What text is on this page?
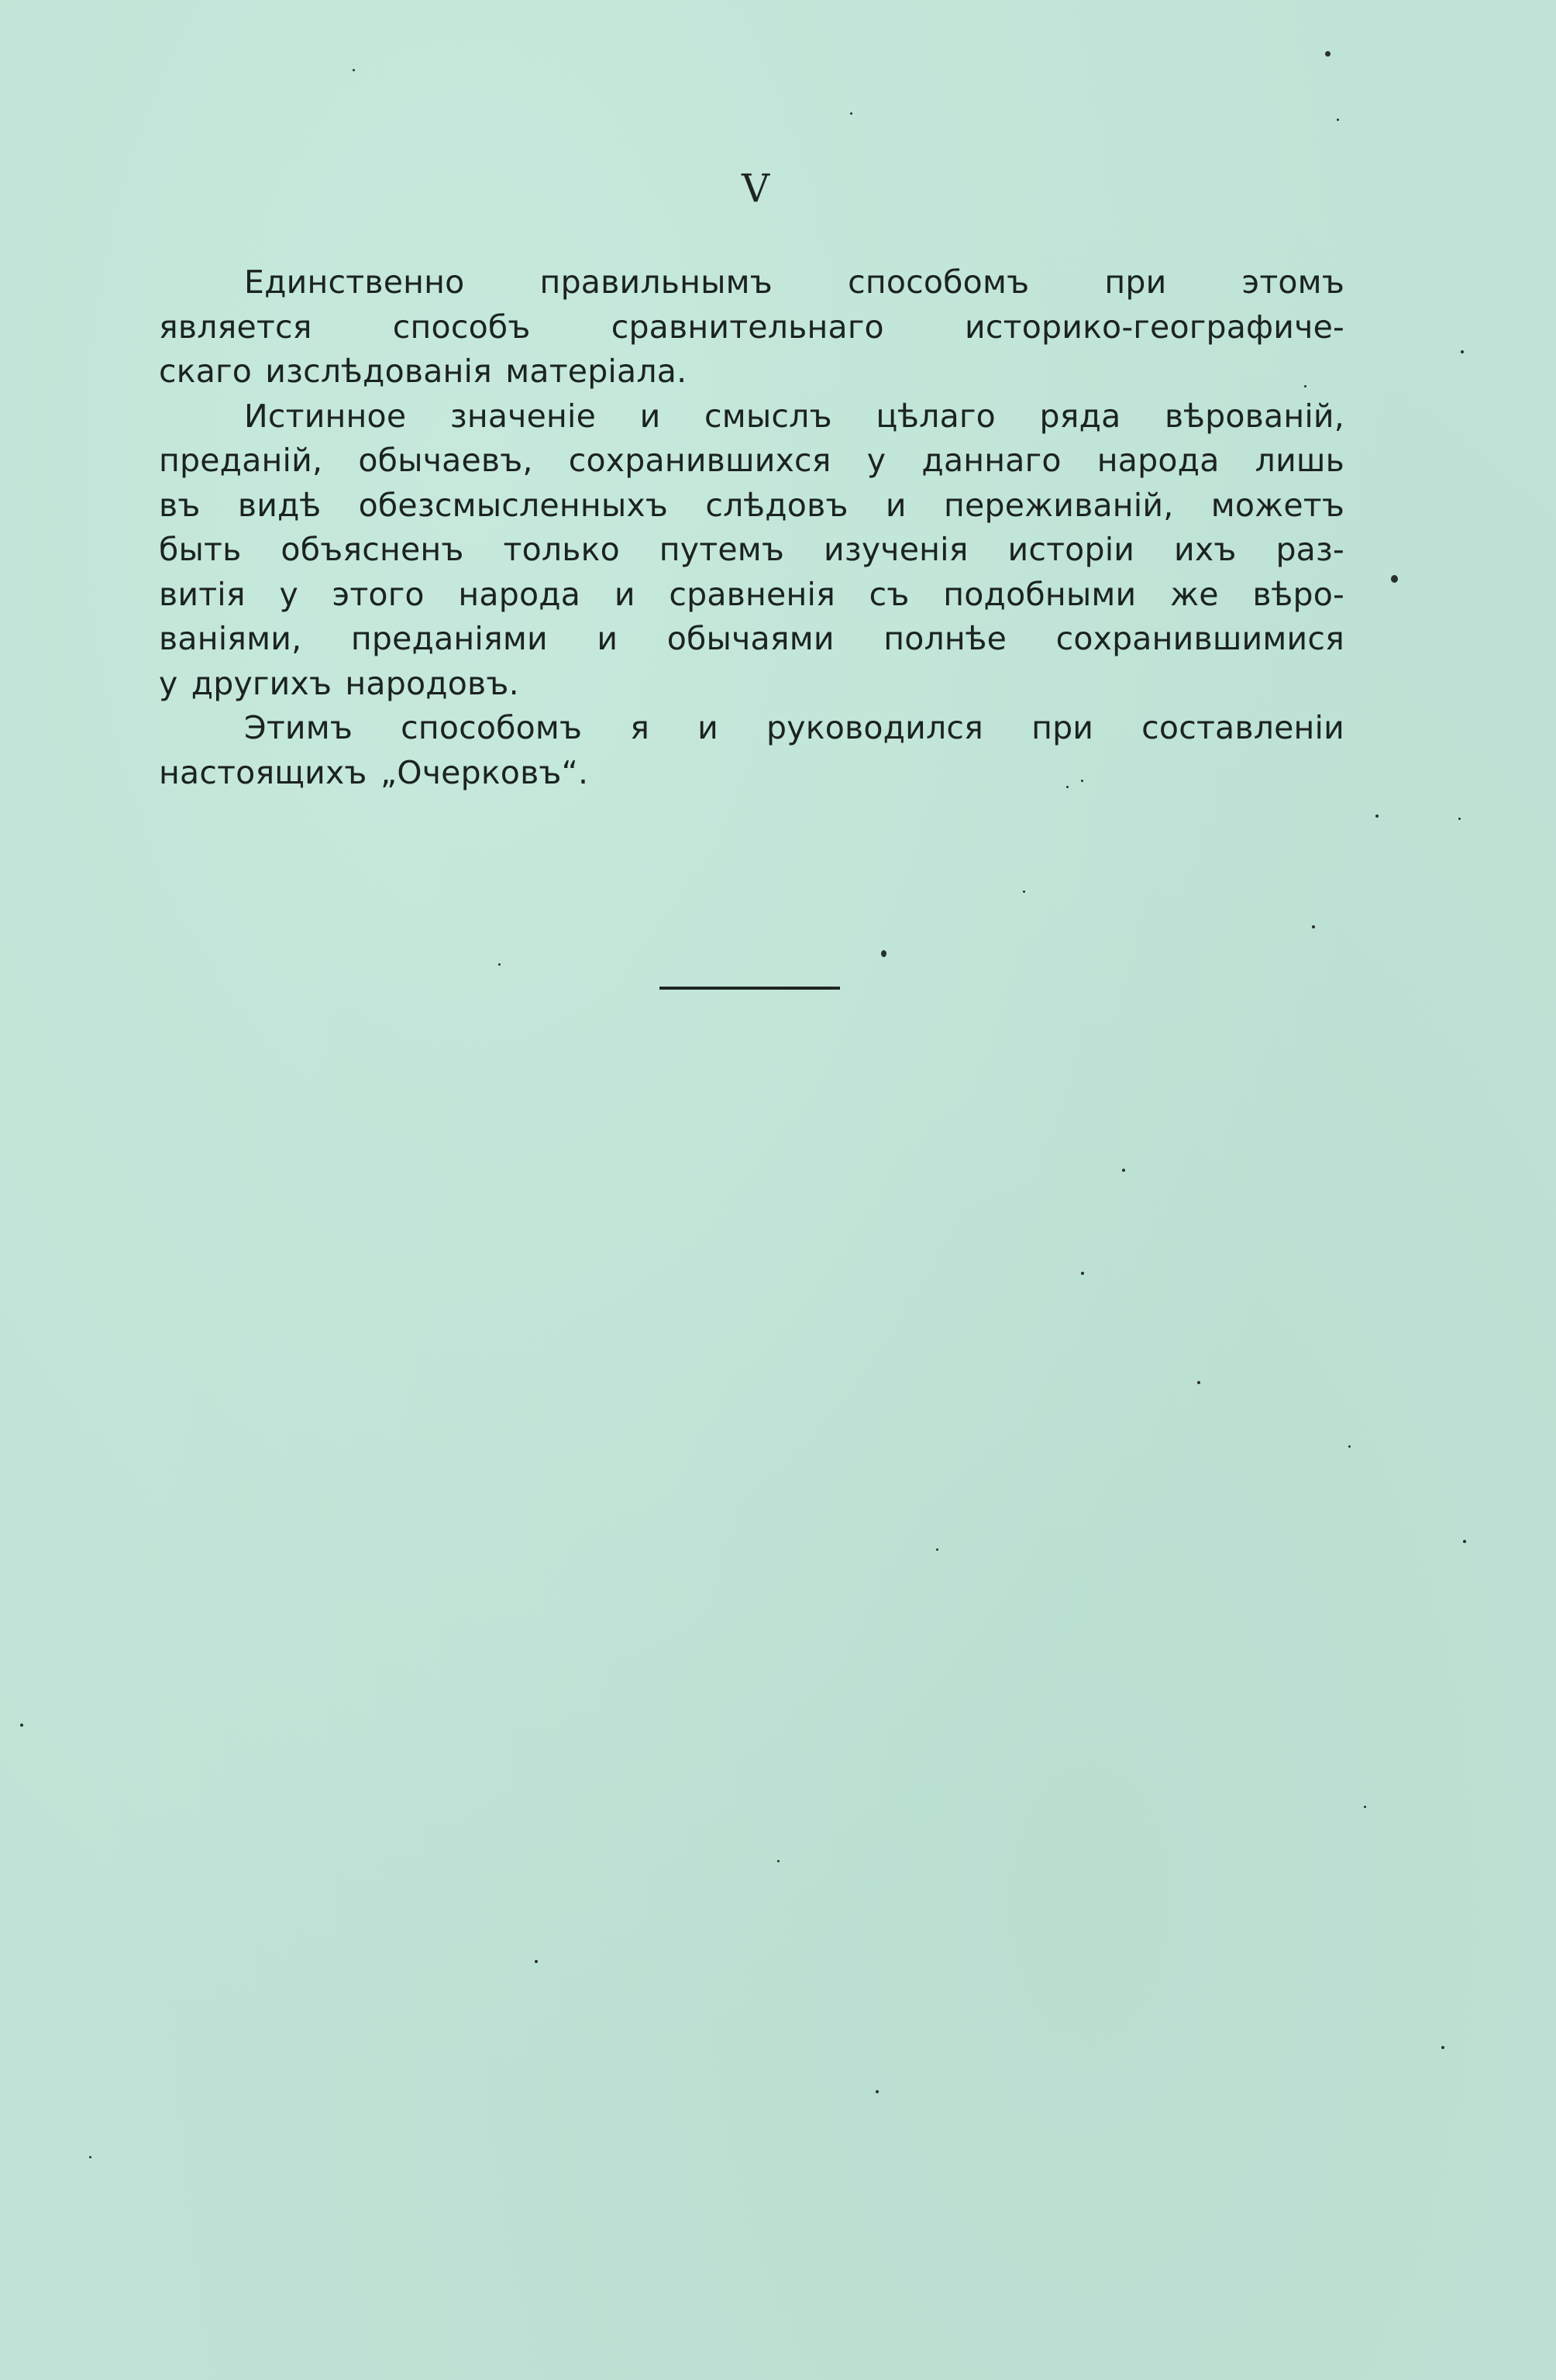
V

Единственно правильнымъ способомъ при этомъ
является способъ сравнительнаго историко-географиче-
скаго изслѣдованія матеріала.

Истинное значеніе и смыслъ цѣлаго ряда вѣрованій,
преданій, обычаевъ, сохранившихся у даннаго народа лишь
въ видѣ обезсмысленныхъ слѣдовъ и переживаній, можетъ
быть объясненъ только путемъ изученія исторіи ихъ раз-
витія у этого народа и сравненія съ подобными же вѣро-
ваніями, преданіями и обычаями полнѣе сохранившимися
у другихъ народовъ.

Этимъ способомъ я и руководился при составленіи
настоящихъ „Очерковъ“.
